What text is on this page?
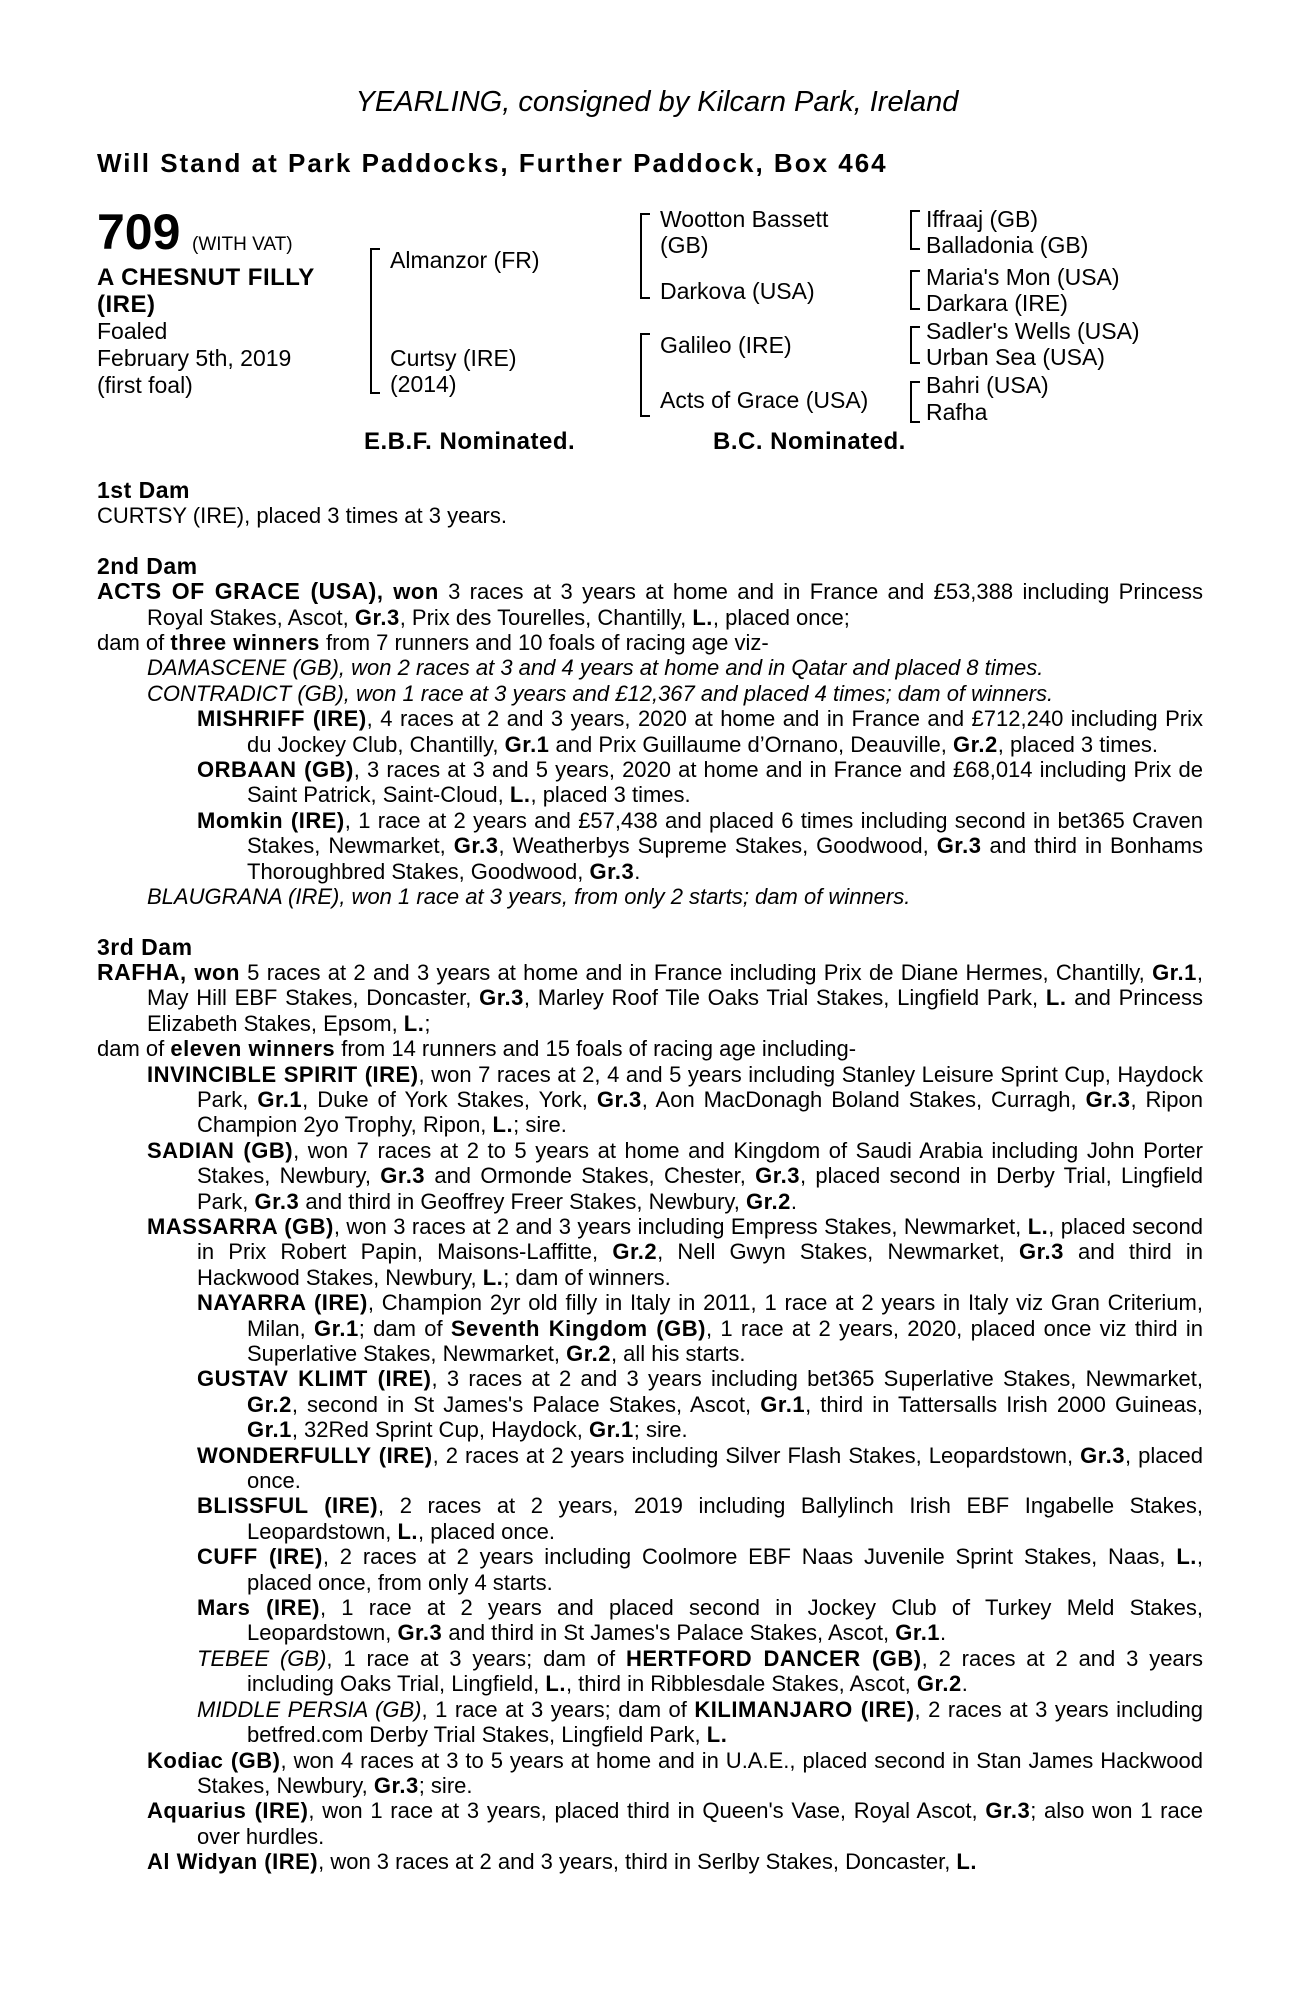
YEARLING, consigned by Kilcarn Park, Ireland
Will Stand at Park Paddocks, Further Paddock, Box 464
709 (WITH VAT)
A CHESNUT FILLY
(IRE)
Foaled
February 5th, 2019
(first foal)
Almanzor (FR)
Curtsy (IRE)
(2014)
Wootton Bassett
(GB)
Darkova (USA)
Galileo (IRE)
Acts of Grace (USA)
Iffraaj (GB)
Balladonia (GB)
Maria's Mon (USA)
Darkara (IRE)
Sadler's Wells (USA)
Urban Sea (USA)
Bahri (USA)
Rafha
E.B.F. Nominated.	B.C. Nominated.
1st Dam
CURTSY (IRE), placed 3 times at 3 years.
2nd Dam

ACTS OF GRACE (USA), won 3 races at 3 years at home and in France and £53,388 including Princess Royal Stakes, Ascot, Gr.3, Prix des Tourelles, Chantilly, L., placed once;

dam of three winners from 7 runners and 10 foals of racing age viz-

DAMASCENE (GB), won 2 races at 3 and 4 years at home and in Qatar and placed 8 times.

CONTRADICT (GB), won 1 race at 3 years and £12,367 and placed 4 times; dam of winners.

MISHRIFF (IRE), 4 races at 2 and 3 years, 2020 at home and in France and £712,240 including Prix du Jockey Club, Chantilly, Gr.1 and Prix Guillaume d’Ornano, Deauville, Gr.2, placed 3 times.

ORBAAN (GB), 3 races at 3 and 5 years, 2020 at home and in France and £68,014 including Prix de Saint Patrick, Saint-Cloud, L., placed 3 times.

Momkin (IRE), 1 race at 2 years and £57,438 and placed 6 times including second in bet365 Craven Stakes, Newmarket, Gr.3, Weatherbys Supreme Stakes, Goodwood, Gr.3 and third in Bonhams Thoroughbred Stakes, Goodwood, Gr.3.

BLAUGRANA (IRE), won 1 race at 3 years, from only 2 starts; dam of winners.

3rd Dam

RAFHA, won 5 races at 2 and 3 years at home and in France including Prix de Diane Hermes, Chantilly, Gr.1, May Hill EBF Stakes, Doncaster, Gr.3, Marley Roof Tile Oaks Trial Stakes, Lingfield Park, L. and Princess Elizabeth Stakes, Epsom, L.;

dam of eleven winners from 14 runners and 15 foals of racing age including-

INVINCIBLE SPIRIT (IRE), won 7 races at 2, 4 and 5 years including Stanley Leisure Sprint Cup, Haydock Park, Gr.1, Duke of York Stakes, York, Gr.3, Aon MacDonagh Boland Stakes, Curragh, Gr.3, Ripon Champion 2yo Trophy, Ripon, L.; sire.

SADIAN (GB), won 7 races at 2 to 5 years at home and Kingdom of Saudi Arabia including John Porter Stakes, Newbury, Gr.3 and Ormonde Stakes, Chester, Gr.3, placed second in Derby Trial, Lingfield Park, Gr.3 and third in Geoffrey Freer Stakes, Newbury, Gr.2.

MASSARRA (GB), won 3 races at 2 and 3 years including Empress Stakes, Newmarket, L., placed second in Prix Robert Papin, Maisons-Laffitte, Gr.2, Nell Gwyn Stakes, Newmarket, Gr.3 and third in Hackwood Stakes, Newbury, L.; dam of winners.

NAYARRA (IRE), Champion 2yr old filly in Italy in 2011, 1 race at 2 years in Italy viz Gran Criterium, Milan, Gr.1; dam of Seventh Kingdom (GB), 1 race at 2 years, 2020, placed once viz third in Superlative Stakes, Newmarket, Gr.2, all his starts.

GUSTAV KLIMT (IRE), 3 races at 2 and 3 years including bet365 Superlative Stakes, Newmarket, Gr.2, second in St James's Palace Stakes, Ascot, Gr.1, third in Tattersalls Irish 2000 Guineas, Gr.1, 32Red Sprint Cup, Haydock, Gr.1; sire.

WONDERFULLY (IRE), 2 races at 2 years including Silver Flash Stakes, Leopardstown, Gr.3, placed once.

BLISSFUL (IRE), 2 races at 2 years, 2019 including Ballylinch Irish EBF Ingabelle Stakes, Leopardstown, L., placed once.

CUFF (IRE), 2 races at 2 years including Coolmore EBF Naas Juvenile Sprint Stakes, Naas, L., placed once, from only 4 starts.

Mars (IRE), 1 race at 2 years and placed second in Jockey Club of Turkey Meld Stakes, Leopardstown, Gr.3 and third in St James's Palace Stakes, Ascot, Gr.1.

TEBEE (GB), 1 race at 3 years; dam of HERTFORD DANCER (GB), 2 races at 2 and 3 years including Oaks Trial, Lingfield, L., third in Ribblesdale Stakes, Ascot, Gr.2.

MIDDLE PERSIA (GB), 1 race at 3 years; dam of KILIMANJARO (IRE), 2 races at 3 years including betfred.com Derby Trial Stakes, Lingfield Park, L.

Kodiac (GB), won 4 races at 3 to 5 years at home and in U.A.E., placed second in Stan James Hackwood Stakes, Newbury, Gr.3; sire.

Aquarius (IRE), won 1 race at 3 years, placed third in Queen's Vase, Royal Ascot, Gr.3; also won 1 race over hurdles.

Al Widyan (IRE), won 3 races at 2 and 3 years, third in Serlby Stakes, Doncaster, L.
